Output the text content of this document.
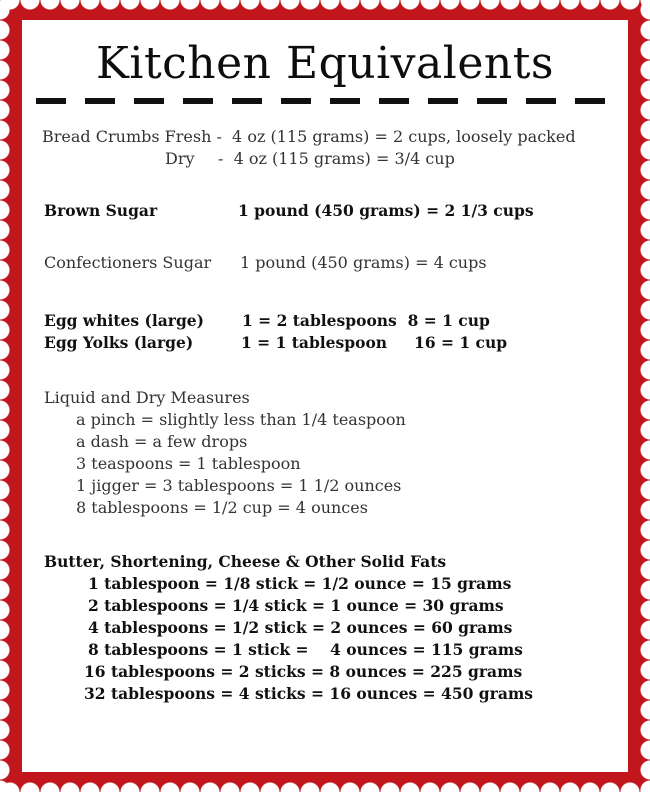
Kitchen Equivalents
Bread Crumbs Fresh -  4 oz (115 grams) = 2 cups, loosely packed
Dry -  4 oz (115 grams) = 3/4 cup
Brown Sugar	1 pound (450 grams) = 2 1/3 cups
Confectioners Sugar 1 pound (450 grams) = 4 cups
Egg whites (large) 1 = 2 tablespoons  8 = 1 cup
Egg Yolks (large)	1 = 1 tablespoon     16 = 1 cup
Liquid and Dry Measures
a pinch = slightly less than 1/4 teaspoon
a dash = a few drops
3 teaspoons = 1 tablespoon
1 jigger = 3 tablespoons = 1 1/2 ounces
8 tablespoons = 1/2 cup = 4 ounces
Butter, Shortening, Cheese & Other Solid Fats
1 tablespoon = 1/8 stick = 1/2 ounce = 15 grams
2 tablespoons = 1/4 stick = 1 ounce = 30 grams
4 tablespoons = 1/2 stick = 2 ounces = 60 grams
8 tablespoons = 1 stick =    4 ounces = 115 grams
16 tablespoons = 2 sticks = 8 ounces = 225 grams
32 tablespoons = 4 sticks = 16 ounces = 450 grams
